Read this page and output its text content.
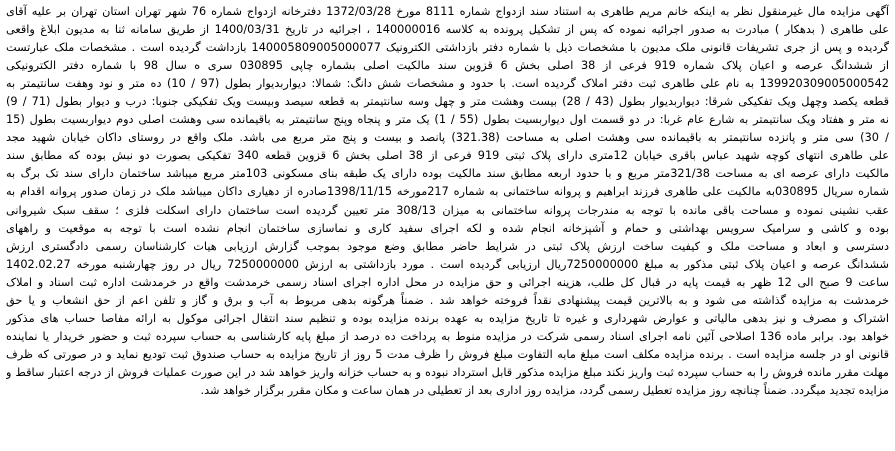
آگهی مزایده مال غیرمنقول نظر به اینکه خانم مریم طاهری به استناد سند ازدواج شماره 8111 مورخ 1372/03/28 دفترخانه ازدواج شماره 76 شهر تهران استان تهران بر علیه آقای
علی طاهری ( بدهکار ) مبادرت به صدور اجرائیه نموده که پس از تشکیل پرونده به کلاسه 140000016 ، اجرائیه در تاریخ 1400/03/31 از طریق سامانه ثنا به مدیون ابلاغ واقعی
گردیده و پس از جری تشریفات قانونی ملک مدیون با مشخصات ذیل با شماره دفتر بازداشتی الکترونیک 140005809005000077 بازداشت گردیده است . مشخصات ملک عبارتست
از ششدانگ عرصه و اعیان پلاک شماره 919 فرعی از 38 اصلی بخش 6 قزوین سند مالکیت اصلی بشماره چاپی 030895 سری ه سال 98 با شماره دفتر الکترونیکی
139920309005000542 به نام علی طاهری ثبت دفتر املاک گردیده است. با حدود و مشخصات شش دانگ: شمالا: دیواربدیوار بطول (97 / 10) ده متر و نود وهفت سانتیمتر به
قطعه یکصد وچهل ویک تفکیکی شرقا: دیواربدیوار بطول (43 / 28) بیست وهشت متر و چهل وسه سانتیمتر به قطعه سیصد وبیست ویک تفکیکی جنوبا: درب و دیوار بطول (71 / 9)
نه متر و هفتاد ویک سانتیمتر به شارع عام غربا: در دو قسمت اول دیواربسیت بطول (55 / 1) یک متر و پنجاه وپنج سانتیمتر به باقیمانده سی وهشت اصلی دوم دیواربسیت بطول (15
/ 30) سی متر و پانزده سانتیمتر به باقیمانده سی وهشت اصلی به مساحت (321.38) پانصد و بیست و پنج متر مربع می باشد. ملک واقع در روستای داکان خیابان شهید مجد
علی طاهری انتهای کوچه شهید عباس باقری خیابان 12متری دارای پلاک ثبتی 919 فرعی از 38 اصلی بخش 6 قزوین قطعه 340 تفکیکی بصورت دو نبش بوده که مطابق سند
مالکیت دارای عرصه ای به مساحت 321/38متر مربع و با حدود اربعه مطابق سند مالکیت بوده دارای یک طبقه بنای مسکونی 103متر مربع میباشد ساختمان دارای سند تک برگ به
شماره سریال 030895به مالکیت علی طاهری فرزند ابراهیم و پروانه ساختمانی به شماره 217مورخه 1398/11/15صادره از دهیاری داکان میباشد ملک در زمان صدور پروانه اقدام به
عقب نشینی نموده و مساحت باقی مانده با توجه به مندرجات پروانه ساختمانی به میزان 308/13 متر تعیین گردیده است ساختمان دارای اسکلت فلزی ؛ سقف سبک شیروانی
بوده و کاشی و سرامیک سرویس بهداشتی و حمام و آشپزخانه انجام شده و لکه اجرای سفید کاری و نماسازی ساختمان انجام نشده است با توجه به موقعیت و راههای
دسترسی و ابعاد و مساحت ملک و کیفیت ساخت ارزش پلاک ثبتی در شرایط حاضر مطابق وضع موجود بموجب گزارش ارزیابی هیات کارشناسان رسمی دادگستری ارزش
ششدانگ عرصه و اعیان پلاک ثبتی مذکور به مبلغ 7250000000ریال ارزیابی گردیده است . مورد بازداشتی به ارزش 7250000000 ریال در روز چهارشنبه مورخه 1402.02.27
ساعت 9 صبح الی 12 ظهر به قیمت پایه در قبال کل طلب، هزینه اجرائی و حق مزایده در محل اداره اجرای اسناد رسمی خرمدشت واقع در خرمدشت اداره ثبت اسناد و املاک
خرمدشت به مزایده گذاشته می شود و به بالاترین قیمت پیشنهادی نقداً فروخته خواهد شد . ضمناً هرگونه بدهی مربوط به آب و برق و گاز و تلفن اعم از حق انشعاب و یا حق
اشتراک و مصرف و نیز بدهی مالیاتی و عوارض شهرداری و غیره تا تاریخ مزایده به عهده برنده مزایده بوده و تنظیم سند انتقال اجرائی موکول به ارائه مفاصا حساب های مذکور
خواهد بود. برابر ماده 136 اصلاحی آئین نامه اجرای اسناد رسمی شرکت در مزایده منوط به پرداخت ده درصد از مبلغ پایه کارشناسی به حساب سپرده ثبت و حضور خریدار یا نماینده
قانونی او در جلسه مزایده است . برنده مزایده مکلف است مبلغ مابه التفاوت مبلغ فروش را ظرف مدت 5 روز از تاریخ مزایده به حساب صندوق ثبت تودیع نماید و در صورتی که ظرف
مهلت مقرر مانده فروش را به حساب سپرده ثبت واریز نکند مبلغ مزایده مذکور قابل استرداد نبوده و به حساب خزانه واریز خواهد شد در این صورت عملیات فروش از درجه اعتبار ساقط و
مزایده تجدید میگردد. ضمناً چنانچه روز مزایده تعطیل رسمی گردد، مزایده روز اداری بعد از تعطیلی در همان ساعت و مکان مقرر برگزار خواهد شد.
